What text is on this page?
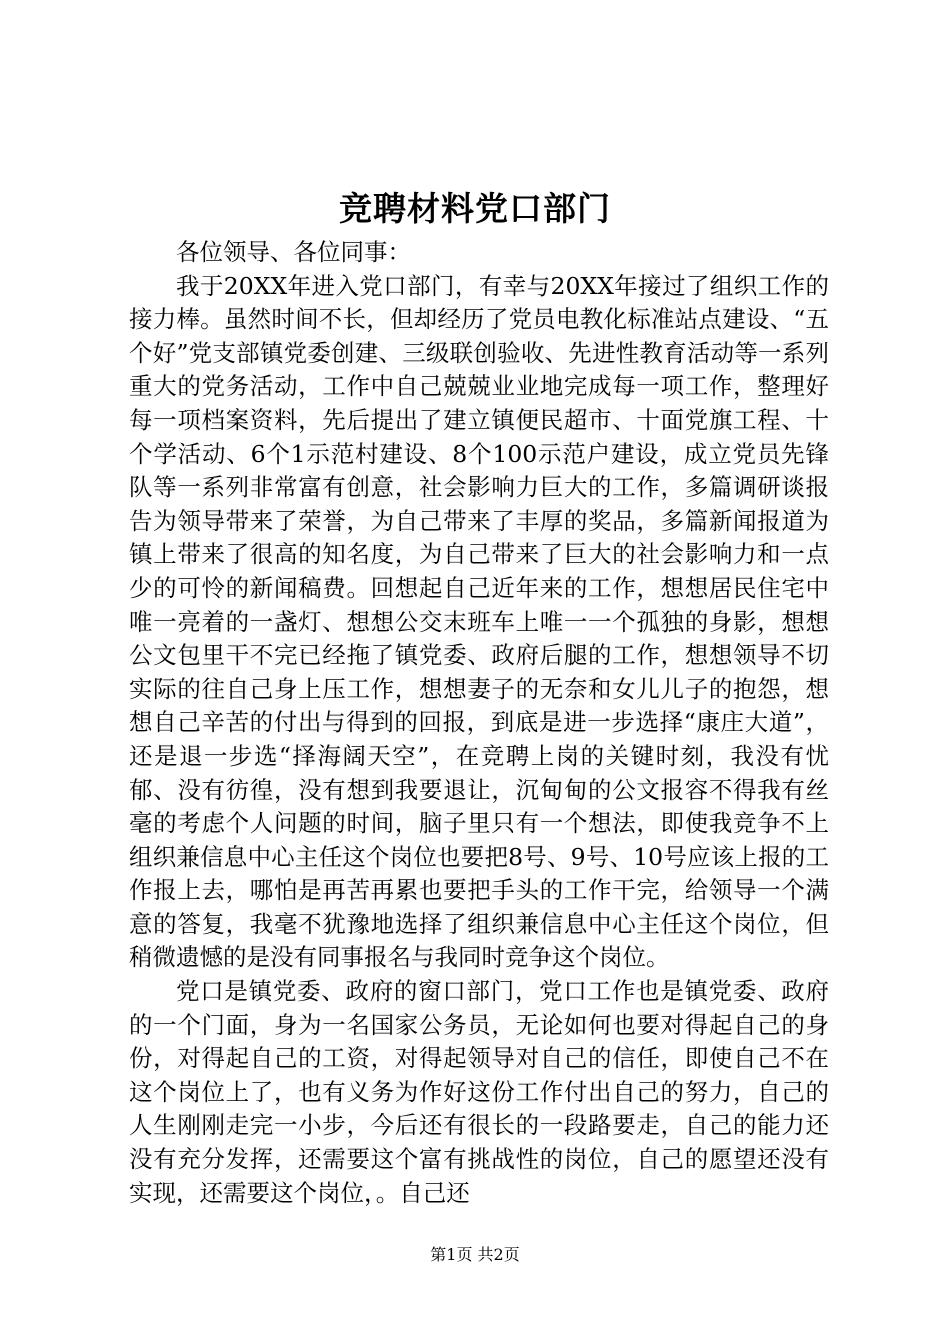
竞聘材料党口部门

各位领导、各位同事：

我于20XX年进入党口部门，有幸与20XX年接过了组织工作的接力棒。虽然时间不长，但却经历了党员电教化标准站点建设、“五个好”党支部镇党委创建、三级联创验收、先进性教育活动等一系列重大的党务活动，工作中自己兢兢业业地完成每一项工作，整理好每一项档案资料，先后提出了建立镇便民超市、十面党旗工程、十个学活动、6个1示范村建设、8个100示范户建设，成立党员先锋队等一系列非常富有创意，社会影响力巨大的工作，多篇调研谈报告为领导带来了荣誉，为自己带来了丰厚的奖品，多篇新闻报道为镇上带来了很高的知名度，为自己带来了巨大的社会影响力和一点少的可怜的新闻稿费。回想起自己近年来的工作，想想居民住宅中唯一亮着的一盏灯、想想公交末班车上唯一一个孤独的身影，想想公文包里干不完已经拖了镇党委、政府后腿的工作，想想领导不切实际的往自己身上压工作，想想妻子的无奈和女儿儿子的抱怨，想想自己辛苦的付出与得到的回报，到底是进一步选择“康庄大道”，还是退一步选“择海阔天空”，在竞聘上岗的关键时刻，我没有忧郁、没有彷徨，没有想到我要退让，沉甸甸的公文报容不得我有丝毫的考虑个人问题的时间，脑子里只有一个想法，即使我竞争不上组织兼信息中心主任这个岗位也要把8号、9号、10号应该上报的工作报上去，哪怕是再苦再累也要把手头的工作干完，给领导一个满意的答复，我毫不犹豫地选择了组织兼信息中心主任这个岗位，但稍微遗憾的是没有同事报名与我同时竞争这个岗位。

党口是镇党委、政府的窗口部门，党口工作也是镇党委、政府的一个门面，身为一名国家公务员，无论如何也要对得起自己的身份，对得起自己的工资，对得起领导对自己的信任，即使自己不在这个岗位上了，也有义务为作好这份工作付出自己的努力，自己的人生刚刚走完一小步，今后还有很长的一段路要走，自己的能力还没有充分发挥，还需要这个富有挑战性的岗位，自己的愿望还没有实现，还需要这个岗位，。自己还

第1页 共2页
